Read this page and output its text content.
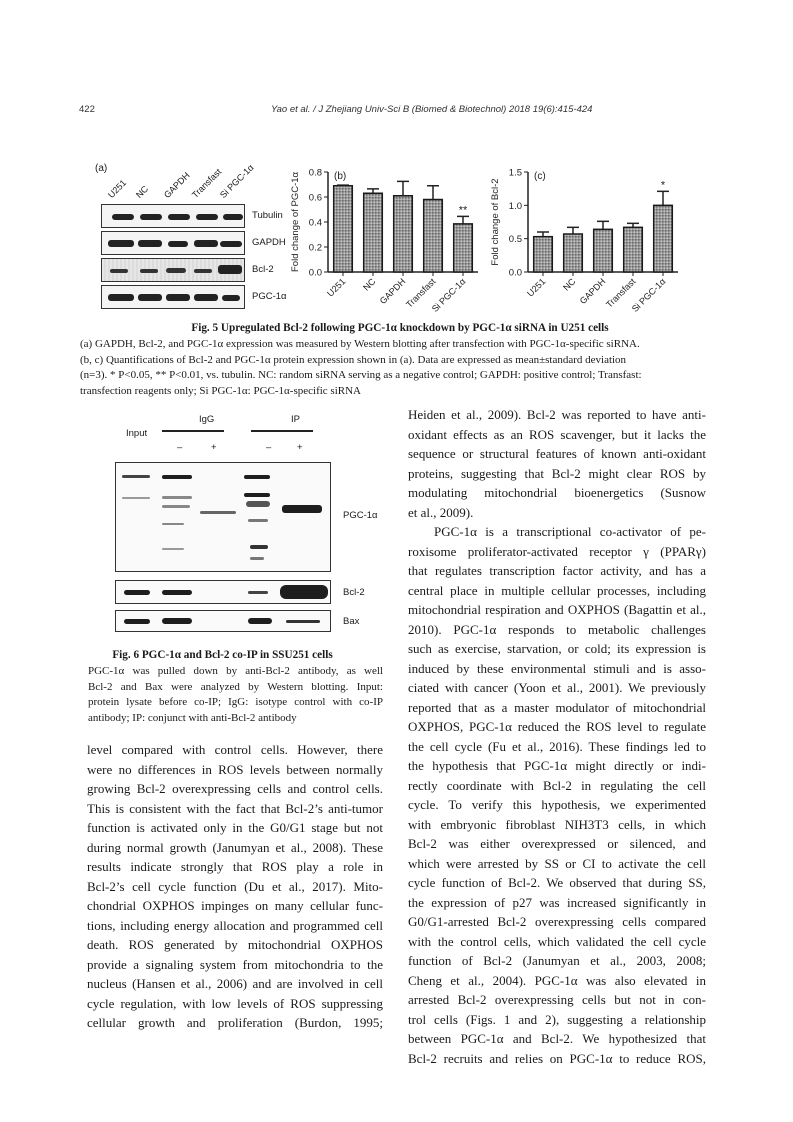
422	Yao et al. / J Zhejiang Univ-Sci B (Biomed & Biotechnol) 2018 19(6):415-424
(a)
U251 NC GAPDH
Transfast
Si PGC-1α
Tubulin
GAPDH
Bcl-2
PGC-1α
0.0
0.2
0.4
0.6
0.8
Fold change of PGC-1α	(b)
U251 NC GAPDH
Transfast
**
Si PGC-1α
0.0
0.5
1.0
1.5
Fold change of Bcl-2
(c)
U251 NC GAPDH
Transfast
*
Si PGC-1α
Fig. 5 Upregulated Bcl-2 following PGC-1α knockdown by PGC-1α siRNA in U251 cells
(a) GAPDH, Bcl-2, and PGC-1α expression was measured by Western blotting after transfection with PGC-1α-specific siRNA.
(b, c) Quantifications of Bcl-2 and PGC-1α protein expression shown in (a). Data are expressed as mean±standard deviation
(n=3). * P<0.05, ** P<0.01, vs. tubulin. NC: random siRNA serving as a negative control; GAPDH: positive control; Transfast:
transfection reagents only; Si PGC-1α: PGC-1α-specific siRNA
Input
IgG	IP
–	+	–	+
PGC-1α
Bcl-2
Bax
Fig. 6 PGC-1α and Bcl-2 co-IP in SSU251 cells
PGC-1α was pulled down by anti-Bcl-2 antibody, as well
Bcl-2 and Bax were analyzed by Western blotting. Input:
protein lysate before co-IP; IgG: isotype control with co-IP
antibody; IP: conjunct with anti-Bcl-2 antibody
level compared with control cells. However, there
were no differences in ROS levels between normally
growing Bcl-2 overexpressing cells and control cells.
This is consistent with the fact that Bcl-2’s anti-tumor
function is activated only in the G0/G1 stage but not
during normal growth (Janumyan et al., 2008). These
results indicate strongly that ROS play a role in
Bcl-2’s cell cycle function (Du et al., 2017). Mito-
chondrial OXPHOS impinges on many cellular func-
tions, including energy allocation and programmed cell
death. ROS generated by mitochondrial OXPHOS
provide a signaling system from mitochondria to the
nucleus (Hansen et al., 2006) and are involved in cell
cycle regulation, with low levels of ROS suppressing
cellular growth and proliferation (Burdon, 1995;
Heiden et al., 2009). Bcl-2 was reported to have anti-
oxidant effects as an ROS scavenger, but it lacks the
sequence or structural features of known anti-oxidant
proteins, suggesting that Bcl-2 might clear ROS by
modulating mitochondrial bioenergetics (Susnow
et al., 2009).
PGC-1α is a transcriptional co-activator of pe-
roxisome proliferator-activated receptor γ (PPARγ)
that regulates transcription factor activity, and has a
central place in multiple cellular processes, including
mitochondrial respiration and OXPHOS (Bagattin et al.,
2010). PGC-1α responds to metabolic challenges
such as exercise, starvation, or cold; its expression is
induced by these environmental stimuli and is asso-
ciated with cancer (Yoon et al., 2001). We previously
reported that as a master modulator of mitochondrial
OXPHOS, PGC-1α reduced the ROS level to regulate
the cell cycle (Fu et al., 2016). These findings led to
the hypothesis that PGC-1α might directly or indi-
rectly coordinate with Bcl-2 in regulating the cell
cycle. To verify this hypothesis, we experimented
with embryonic fibroblast NIH3T3 cells, in which
Bcl-2 was either overexpressed or silenced, and
which were arrested by SS or CI to activate the cell
cycle function of Bcl-2. We observed that during SS,
the expression of p27 was increased significantly in
G0/G1-arrested Bcl-2 overexpressing cells compared
with the control cells, which validated the cell cycle
function of Bcl-2 (Janumyan et al., 2003, 2008;
Cheng et al., 2004). PGC-1α was also elevated in
arrested Bcl-2 overexpressing cells but not in con-
trol cells (Figs. 1 and 2), suggesting a relationship
between PGC-1α and Bcl-2. We hypothesized that
Bcl-2 recruits and relies on PGC-1α to reduce ROS,
